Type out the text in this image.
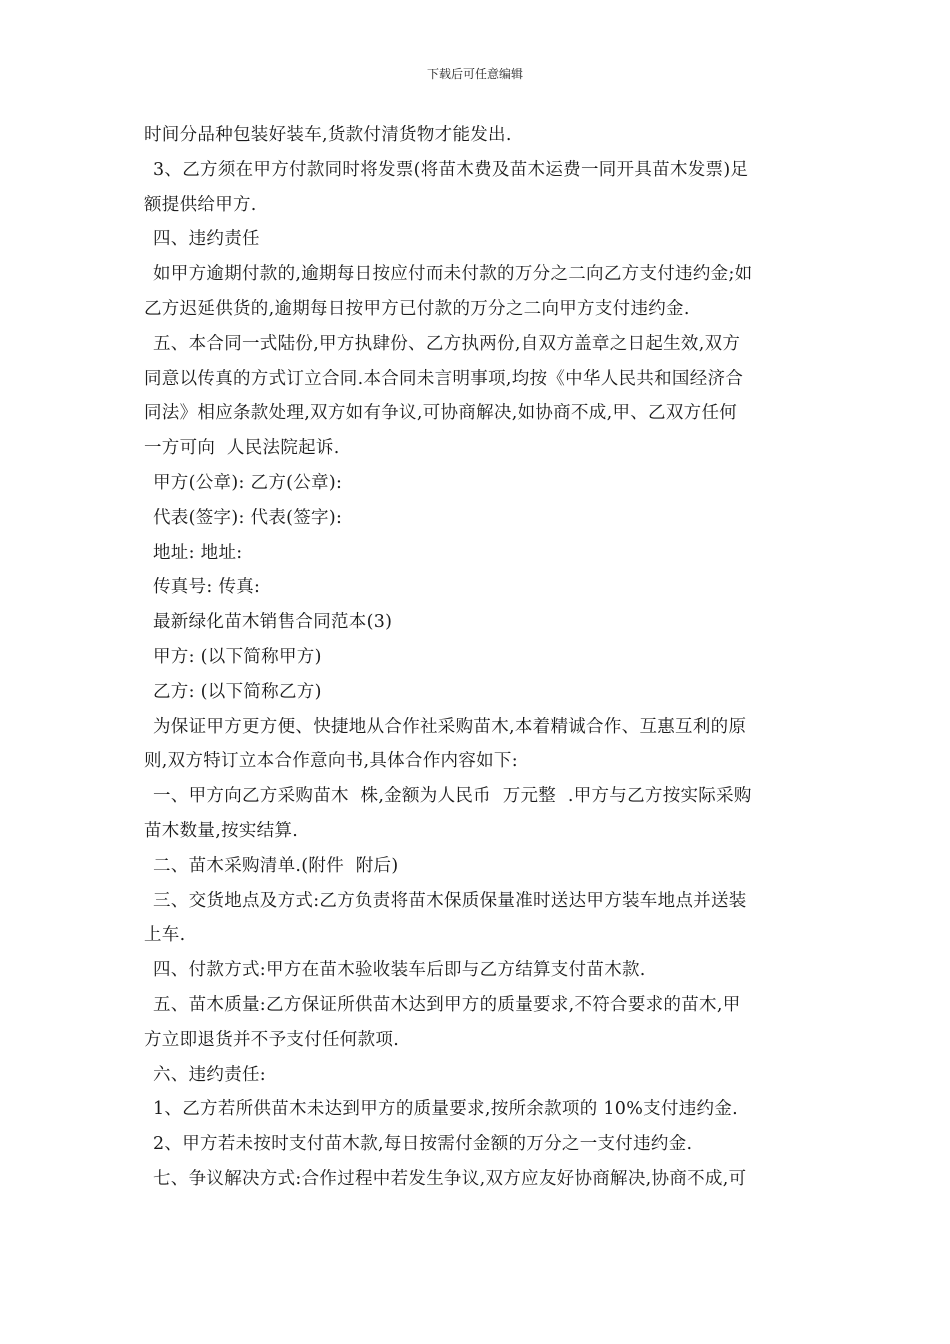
下载后可任意编辑
时间分品种包装好装车,货款付清货物才能发出.
3、乙方须在甲方付款同时将发票(将苗木费及苗木运费一同开具苗木发票)足
额提供给甲方.
四、违约责任
如甲方逾期付款的,逾期每日按应付而未付款的万分之二向乙方支付违约金;如
乙方迟延供货的,逾期每日按甲方已付款的万分之二向甲方支付违约金.
五、本合同一式陆份,甲方执肆份、乙方执两份,自双方盖章之日起生效,双方
同意以传真的方式订立合同.本合同未言明事项,均按《中华人民共和国经济合
同法》相应条款处理,双方如有争议,可协商解决,如协商不成,甲、乙双方任何
一方可向  人民法院起诉.
甲方(公章): 乙方(公章):
代表(签字): 代表(签字):
地址: 地址:
传真号: 传真:
最新绿化苗木销售合同范本(3)
甲方: (以下简称甲方)
乙方: (以下简称乙方)
为保证甲方更方便、快捷地从合作社采购苗木,本着精诚合作、互惠互利的原
则,双方特订立本合作意向书,具体合作内容如下:
一、甲方向乙方采购苗木  株,金额为人民币  万元整  .甲方与乙方按实际采购
苗木数量,按实结算.
二、苗木采购清单.(附件  附后)
三、交货地点及方式:乙方负责将苗木保质保量准时送达甲方装车地点并送装
上车.
四、付款方式:甲方在苗木验收装车后即与乙方结算支付苗木款.
五、苗木质量:乙方保证所供苗木达到甲方的质量要求,不符合要求的苗木,甲
方立即退货并不予支付任何款项.
六、违约责任:
1、乙方若所供苗木未达到甲方的质量要求,按所余款项的 10%支付违约金.
2、甲方若未按时支付苗木款,每日按需付金额的万分之一支付违约金.
七、争议解决方式:合作过程中若发生争议,双方应友好协商解决,协商不成,可
